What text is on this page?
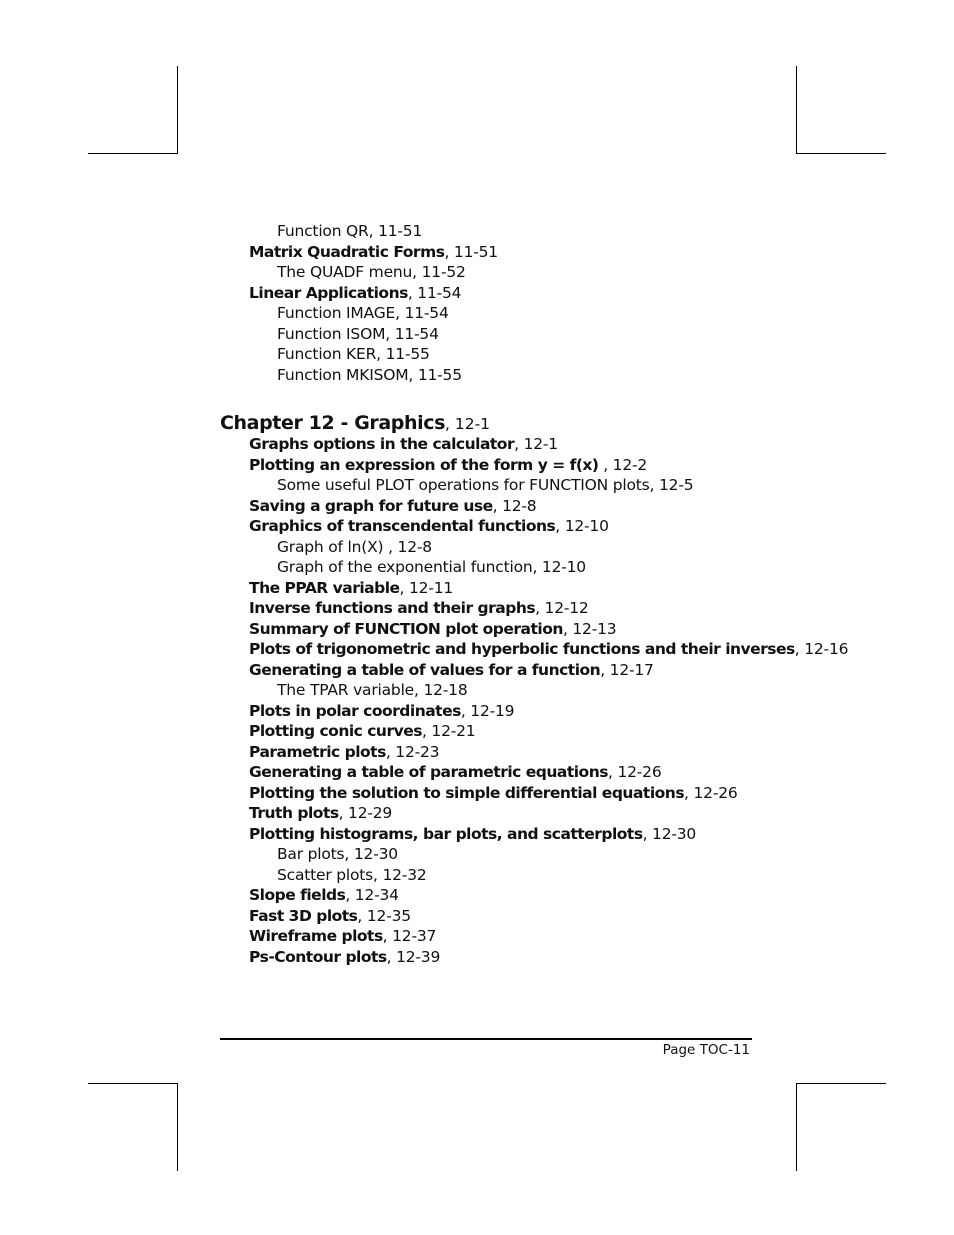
Function QR, 11-51
Matrix Quadratic Forms, 11-51
The QUADF menu, 11-52
Linear Applications, 11-54
Function IMAGE, 11-54
Function ISOM, 11-54
Function KER, 11-55
Function MKISOM, 11-55
Chapter 12 - Graphics, 12-1
Graphs options in the calculator, 12-1
Plotting an expression of the form y = f(x) , 12-2
Some useful PLOT operations for FUNCTION plots, 12-5
Saving a graph for future use, 12-8
Graphics of transcendental functions, 12-10
Graph of ln(X) , 12-8
Graph of the exponential function, 12-10
The PPAR variable, 12-11
Inverse functions and their graphs, 12-12
Summary of FUNCTION plot operation, 12-13
Plots of trigonometric and hyperbolic functions and their inverses, 12-16
Generating a table of values for a function, 12-17
The TPAR variable, 12-18
Plots in polar coordinates, 12-19
Plotting conic curves, 12-21
Parametric plots, 12-23
Generating a table of parametric equations, 12-26
Plotting the solution to simple differential equations, 12-26
Truth plots, 12-29
Plotting histograms, bar plots, and scatterplots, 12-30
Bar plots, 12-30
Scatter plots, 12-32
Slope fields, 12-34
Fast 3D plots, 12-35
Wireframe plots, 12-37
Ps-Contour plots, 12-39
Page TOC-11
